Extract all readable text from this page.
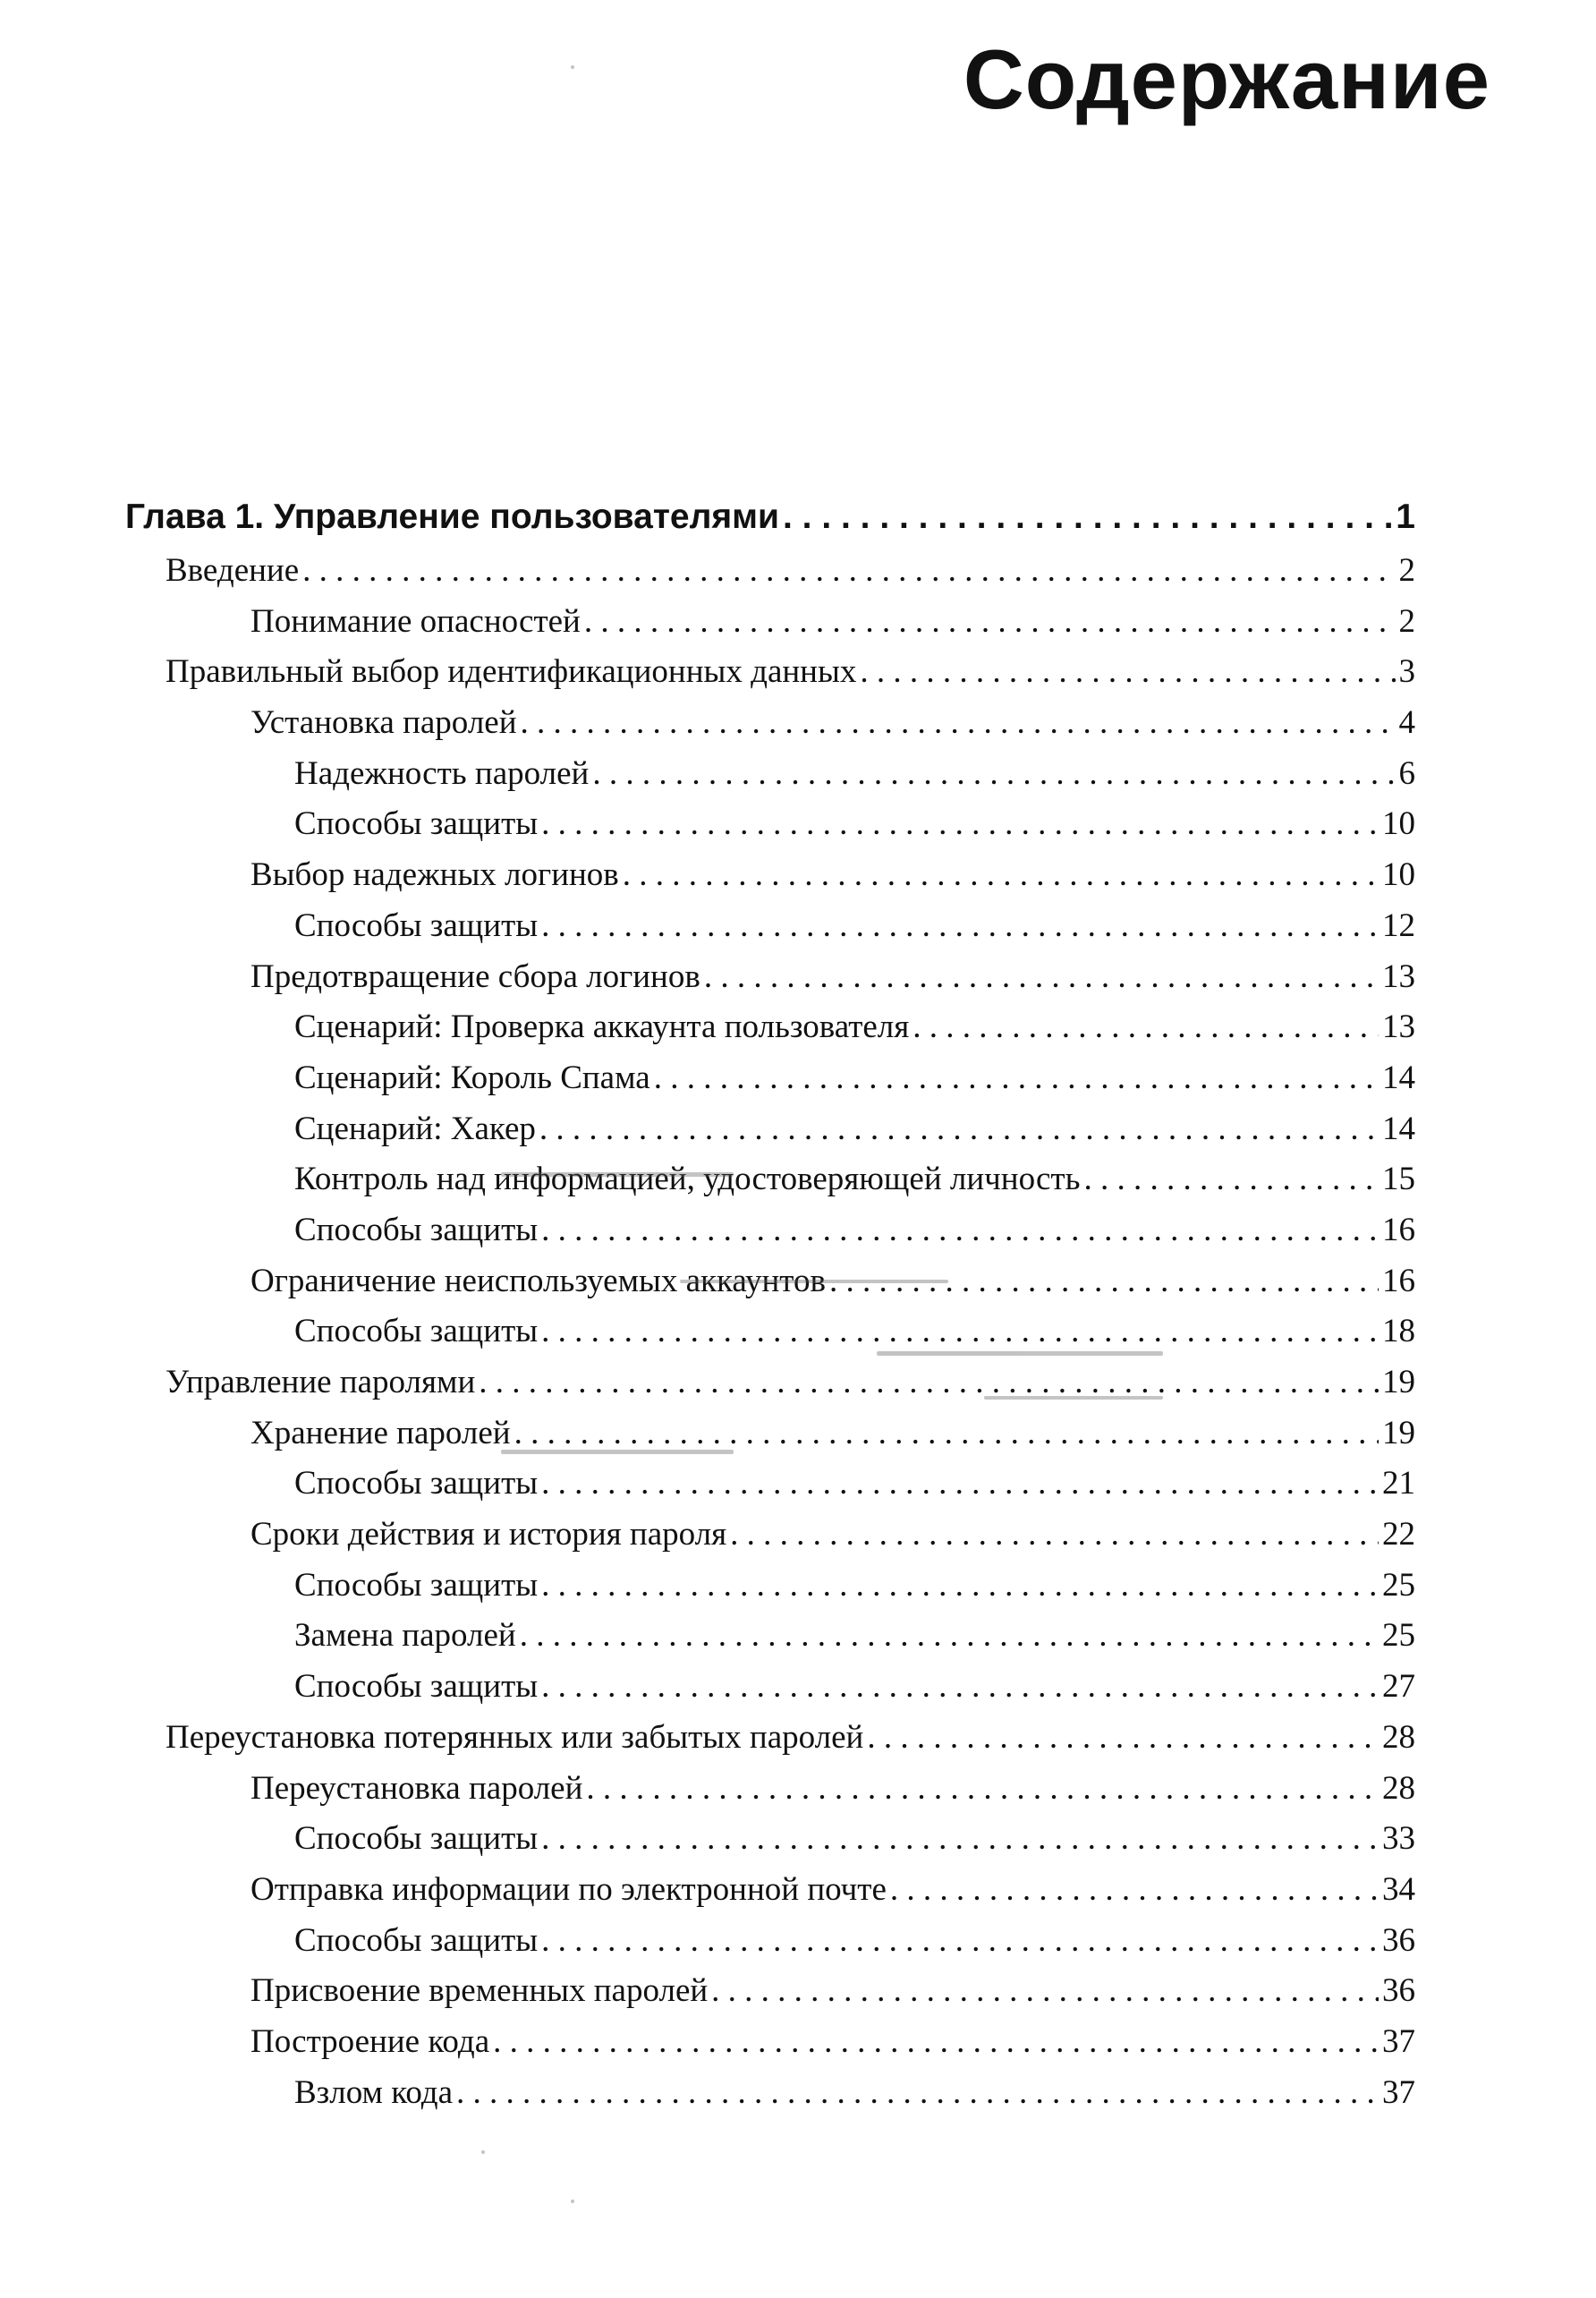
Содержание
Глава 1. Управление пользователями . . .	1
Введение . . .	2
Понимание опасностей . . .	2
Правильный выбор идентификационных данных . . .	3
Установка паролей . . .	4
Надежность паролей . . .	6
Способы защиты . . .	10
Выбор надежных логинов . . .	10
Способы защиты . . .	12
Предотвращение сбора логинов . . .	13
Сценарий: Проверка аккаунта пользователя . . .	13
Сценарий: Король Спама . . .	14
Сценарий: Хакер . . .	14
Контроль над информацией, удостоверяющей личность . . .	15
Способы защиты . . .	16
Ограничение неиспользуемых аккаунтов . . .	16
Способы защиты . . .	18
Управление паролями . . .	19
Хранение паролей . . .	19
Способы защиты . . .	21
Сроки действия и история пароля . . .	22
Способы защиты . . .	25
Замена паролей . . .	25
Способы защиты . . .	27
Переустановка потерянных или забытых паролей . . .	28
Переустановка паролей . . .	28
Способы защиты . . .	33
Отправка информации по электронной почте . . .	34
Способы защиты . . .	36
Присвоение временных паролей . . .	36
Построение кода . . .	37
Взлом кода . . .	37
